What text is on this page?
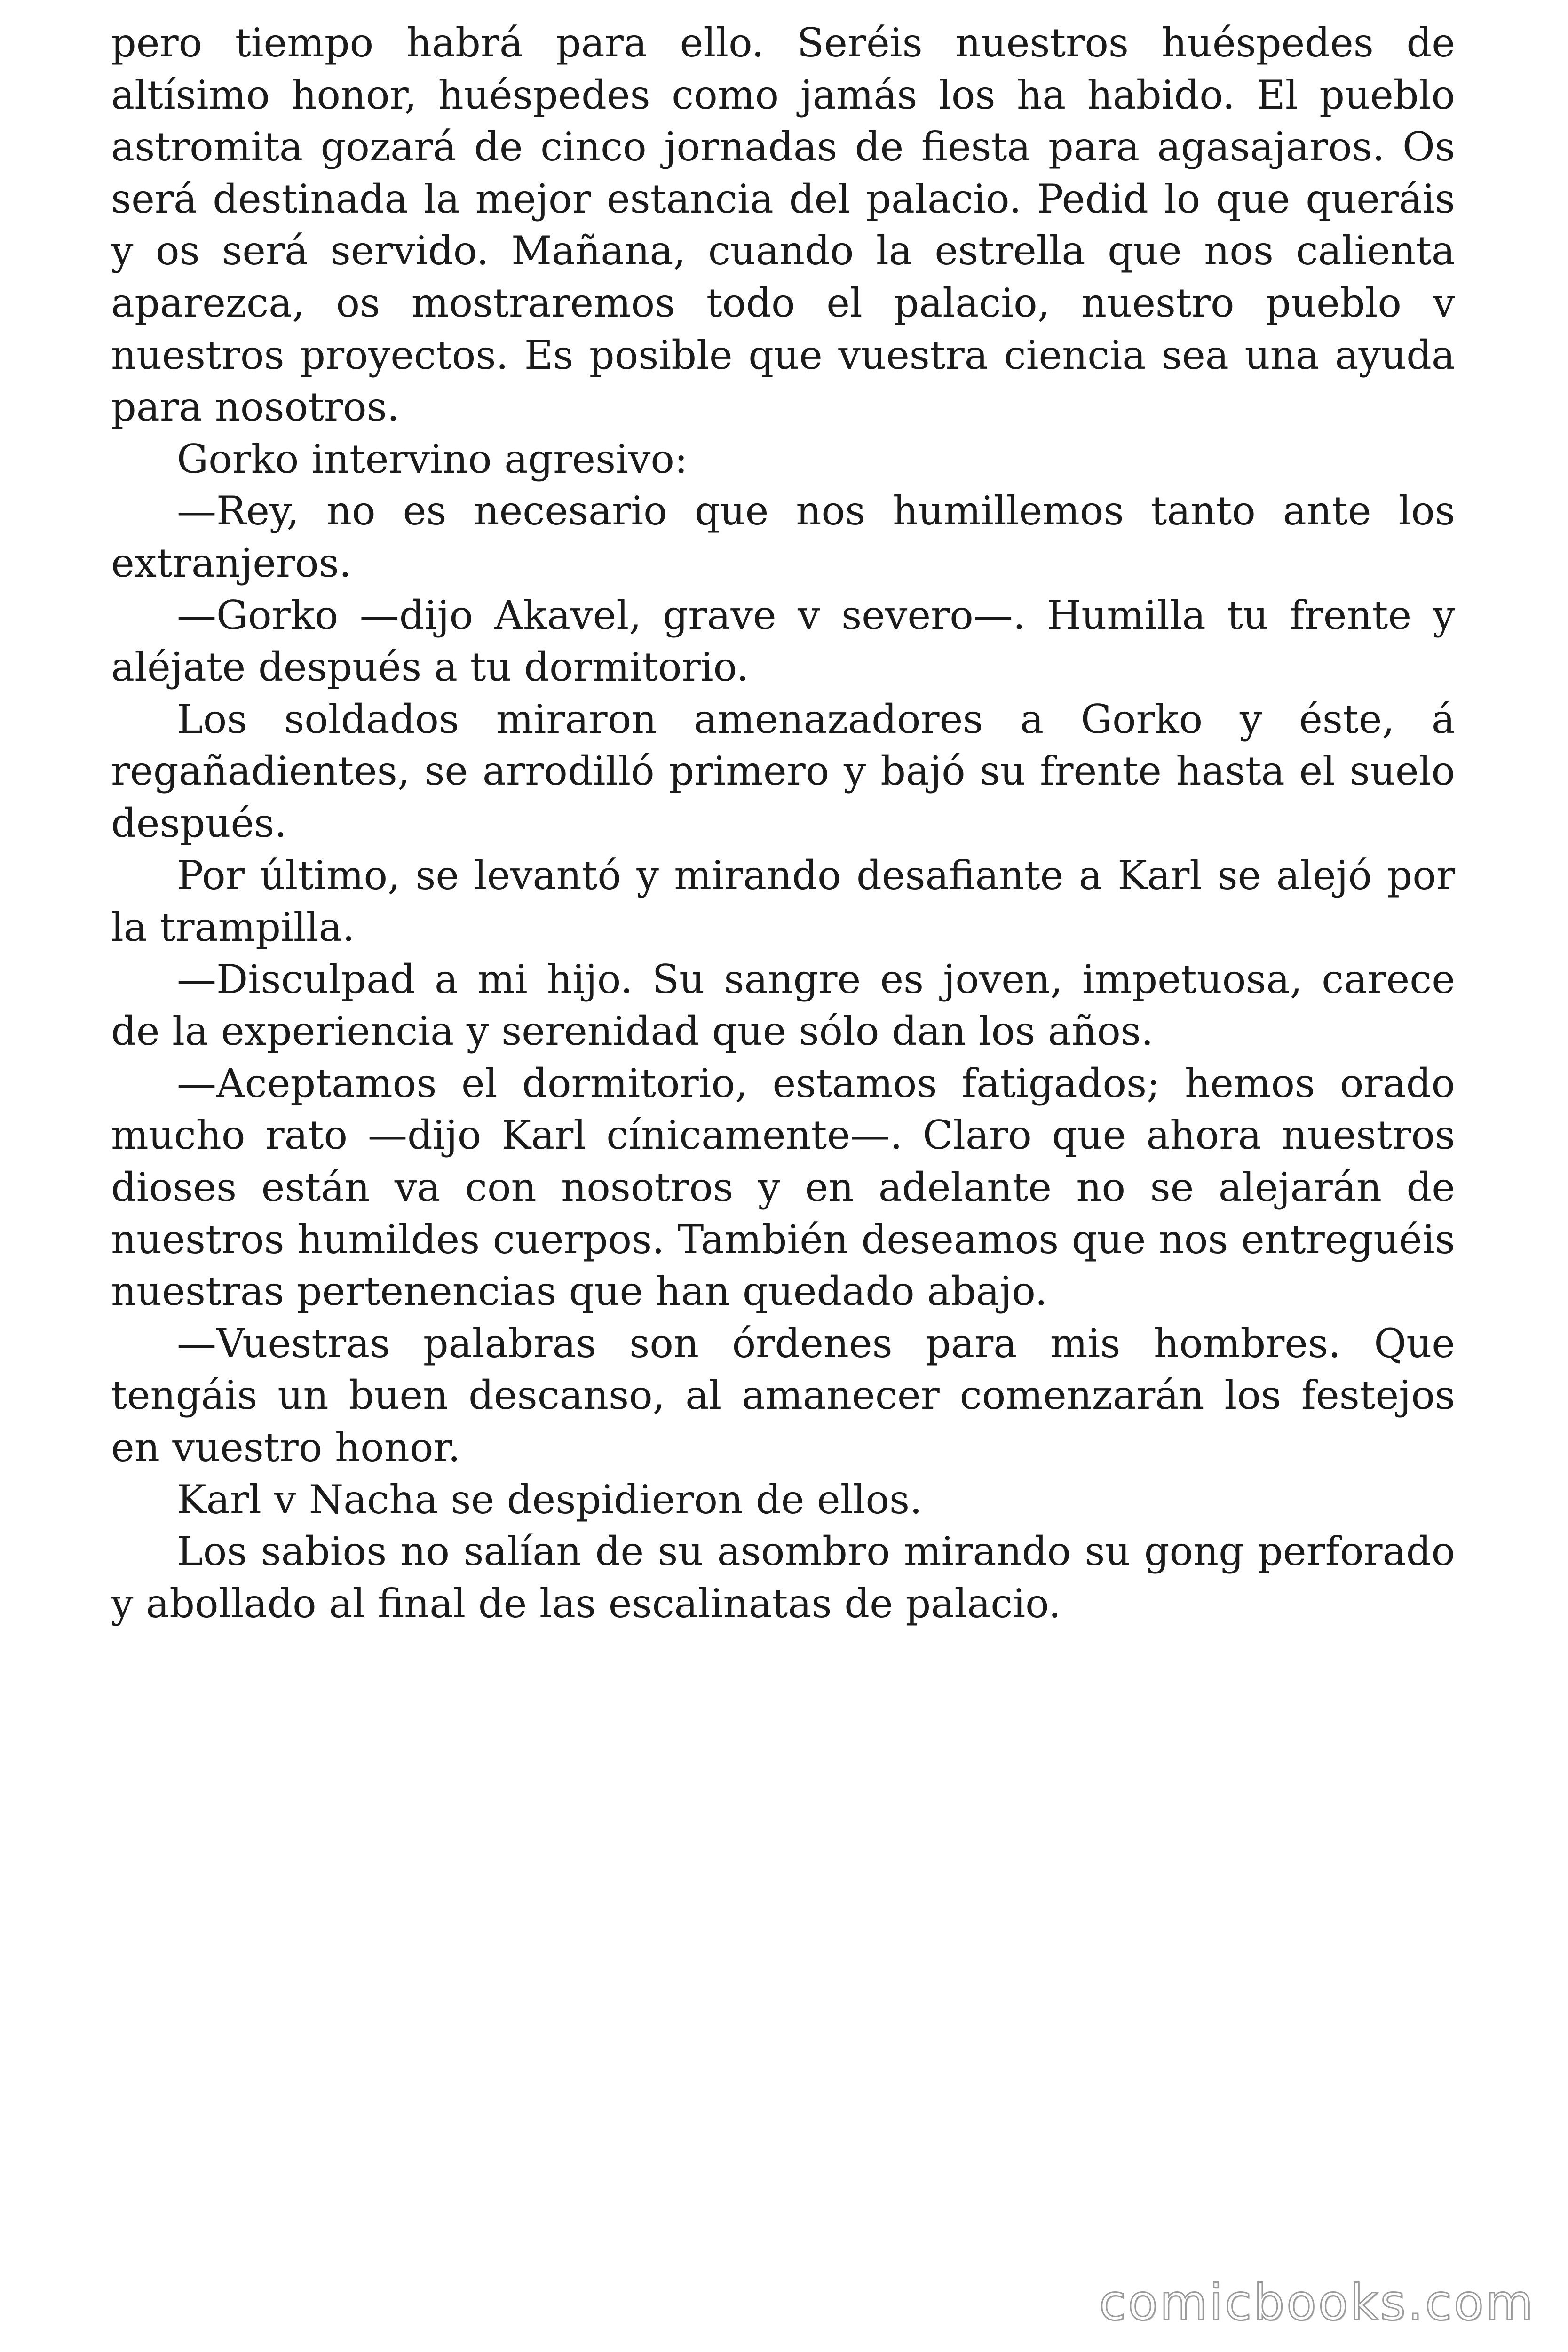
pero tiempo habrá para ello. Seréis nuestros huéspedes de altísimo honor, huéspedes como jamás los ha habido. El pueblo astromita gozará de cinco jornadas de fiesta para agasajaros. Os será destinada la mejor estancia del palacio. Pedid lo que queráis y os será servido. Mañana, cuando la estrella que nos calienta aparezca, os mostraremos todo el palacio, nuestro pueblo v nuestros proyectos. Es posible que vuestra ciencia sea una ayuda para nosotros.

Gorko intervino agresivo:

—Rey, no es necesario que nos humillemos tanto ante los extranjeros.

—Gorko —dijo Akavel, grave v severo—. Humilla tu frente y aléjate después a tu dormitorio.

Los soldados miraron amenazadores a Gorko y éste, á regañadientes, se arrodilló primero y bajó su frente hasta el suelo después.

Por último, se levantó y mirando desafiante a Karl se alejó por la trampilla.

—Disculpad a mi hijo. Su sangre es joven, impetuosa, carece de la experiencia y serenidad que sólo dan los años.

—Aceptamos el dormitorio, estamos fatigados; hemos orado mucho rato —dijo Karl cínicamente—. Claro que ahora nuestros dioses están va con nosotros y en adelante no se alejarán de nuestros humildes cuerpos. También deseamos que nos entreguéis nuestras pertenencias que han quedado abajo.

—Vuestras palabras son órdenes para mis hombres. Que tengáis un buen descanso, al amanecer comenzarán los festejos en vuestro honor.

Karl v Nacha se despidieron de ellos.

Los sabios no salían de su asombro mirando su gong perforado y abollado al final de las escalinatas de palacio.

comicbooks.com
